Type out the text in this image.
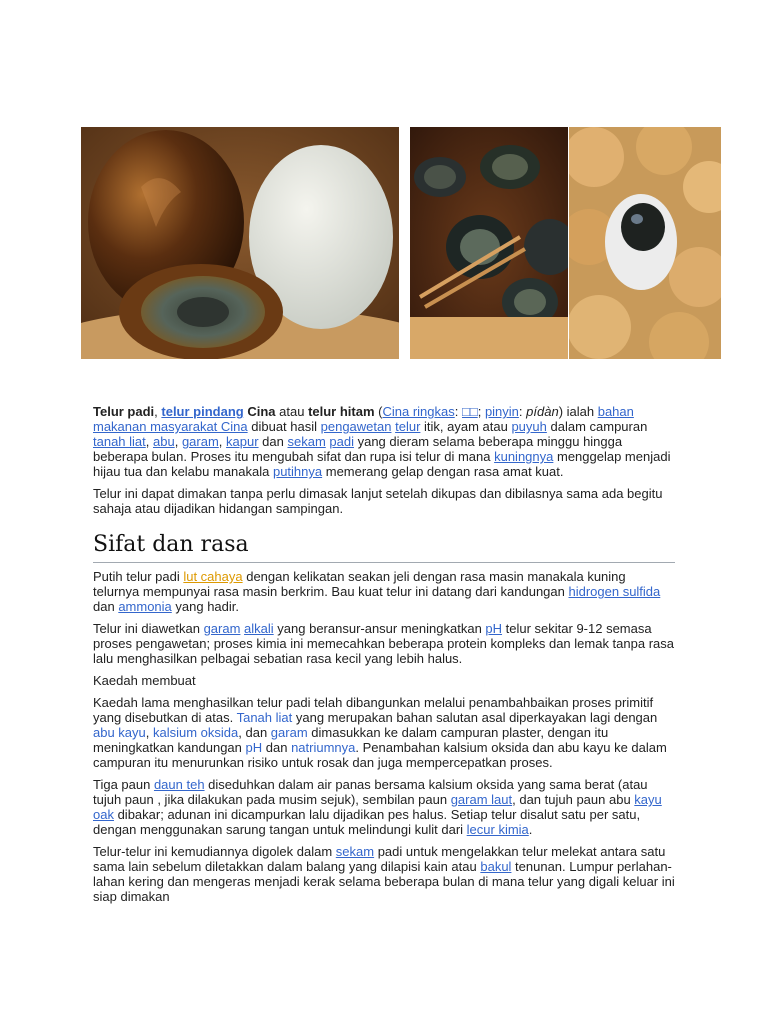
Telur padi, telur pindang Cina atau telur hitam (Cina ringkas: □□; pinyin: pídàn) ialah bahan makanan masyarakat Cina dibuat hasil pengawetan telur itik, ayam atau puyuh dalam campuran tanah liat, abu, garam, kapur dan sekam padi yang dieram selama beberapa minggu hingga beberapa bulan. Proses itu mengubah sifat dan rupa isi telur di mana kuningnya menggelap menjadi hijau tua dan kelabu manakala putihnya memerang gelap dengan rasa amat kuat.

Telur ini dapat dimakan tanpa perlu dimasak lanjut setelah dikupas dan dibilasnya sama ada begitu sahaja atau dijadikan hidangan sampingan.

Sifat dan rasa

Putih telur padi lut cahaya dengan kelikatan seakan jeli dengan rasa masin manakala kuning telurnya mempunyai rasa masin berkrim. Bau kuat telur ini datang dari kandungan hidrogen sulfida dan ammonia yang hadir.

Telur ini diawetkan garam alkali yang beransur-ansur meningkatkan pH telur sekitar 9-12 semasa proses pengawetan; proses kimia ini memecahkan beberapa protein kompleks dan lemak tanpa rasa lalu menghasilkan pelbagai sebatian rasa kecil yang lebih halus.

Kaedah membuat

Kaedah lama menghasilkan telur padi telah dibangunkan melalui penambahbaikan proses primitif yang disebutkan di atas. Tanah liat yang merupakan bahan salutan asal diperkayakan lagi dengan abu kayu, kalsium oksida, dan garam dimasukkan ke dalam campuran plaster, dengan itu meningkatkan kandungan pH dan natriumnya. Penambahan kalsium oksida dan abu kayu ke dalam campuran itu menurunkan risiko untuk rosak dan juga mempercepatkan proses.

Tiga paun daun teh diseduhkan dalam air panas bersama kalsium oksida yang sama berat (atau tujuh paun , jika dilakukan pada musim sejuk), sembilan paun garam laut, dan tujuh paun abu kayu oak dibakar; adunan ini dicampurkan lalu dijadikan pes halus. Setiap telur disalut satu per satu, dengan menggunakan sarung tangan untuk melindungi kulit dari lecur kimia.

Telur-telur ini kemudiannya digolek dalam sekam padi untuk mengelakkan telur melekat antara satu sama lain sebelum diletakkan dalam balang yang dilapisi kain atau bakul tenunan. Lumpur perlahan-lahan kering dan mengeras menjadi kerak selama beberapa bulan di mana telur yang digali keluar ini siap dimakan
